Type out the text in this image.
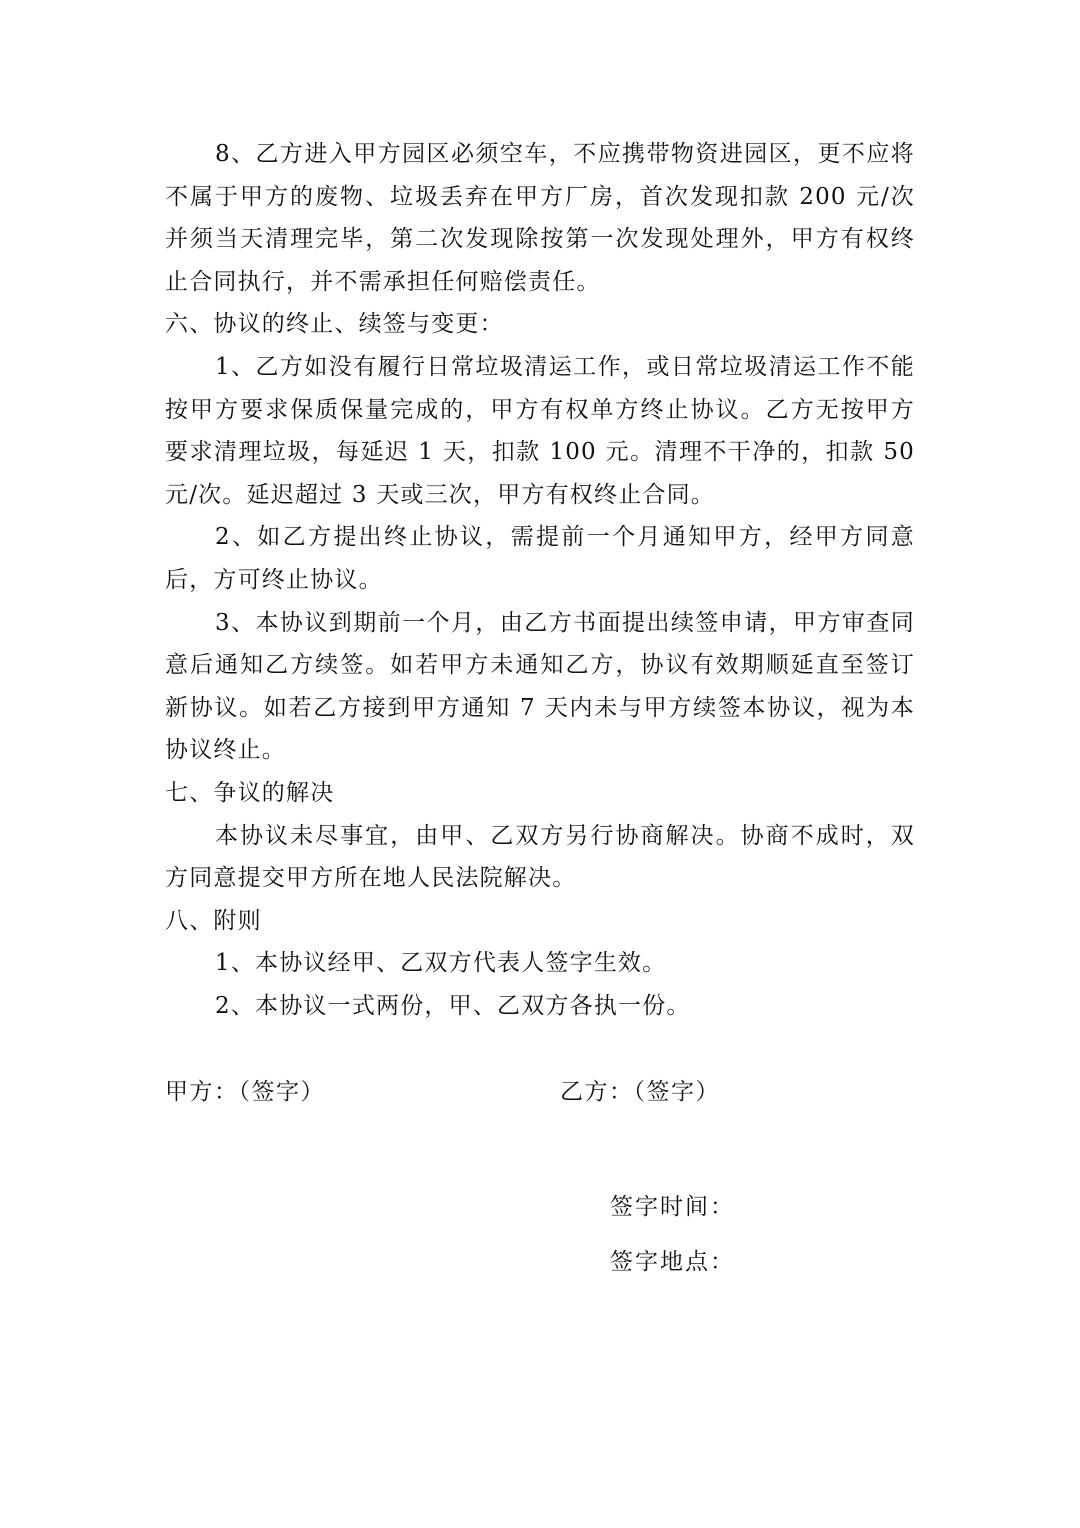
8、乙方进入甲方园区必须空车，不应携带物资进园区，更不应将不属于甲方的废物、垃圾丢弃在甲方厂房，首次发现扣款 200 元/次并须当天清理完毕，第二次发现除按第一次发现处理外，甲方有权终止合同执行，并不需承担任何赔偿责任。

六、协议的终止、续签与变更：

1、乙方如没有履行日常垃圾清运工作，或日常垃圾清运工作不能按甲方要求保质保量完成的，甲方有权单方终止协议。乙方无按甲方要求清理垃圾，每延迟 1 天，扣款 100 元。清理不干净的，扣款 50 元/次。延迟超过 3 天或三次，甲方有权终止合同。

2、如乙方提出终止协议，需提前一个月通知甲方，经甲方同意后，方可终止协议。

3、本协议到期前一个月，由乙方书面提出续签申请，甲方审查同意后通知乙方续签。如若甲方未通知乙方，协议有效期顺延直至签订新协议。如若乙方接到甲方通知 7 天内未与甲方续签本协议，视为本协议终止。

七、争议的解决

本协议未尽事宜，由甲、乙双方另行协商解决。协商不成时，双方同意提交甲方所在地人民法院解决。

八、附则

1、本协议经甲、乙双方代表人签字生效。

2、本协议一式两份，甲、乙双方各执一份。

甲方：（签字）	乙方：（签字）
签字时间：
签字地点：
